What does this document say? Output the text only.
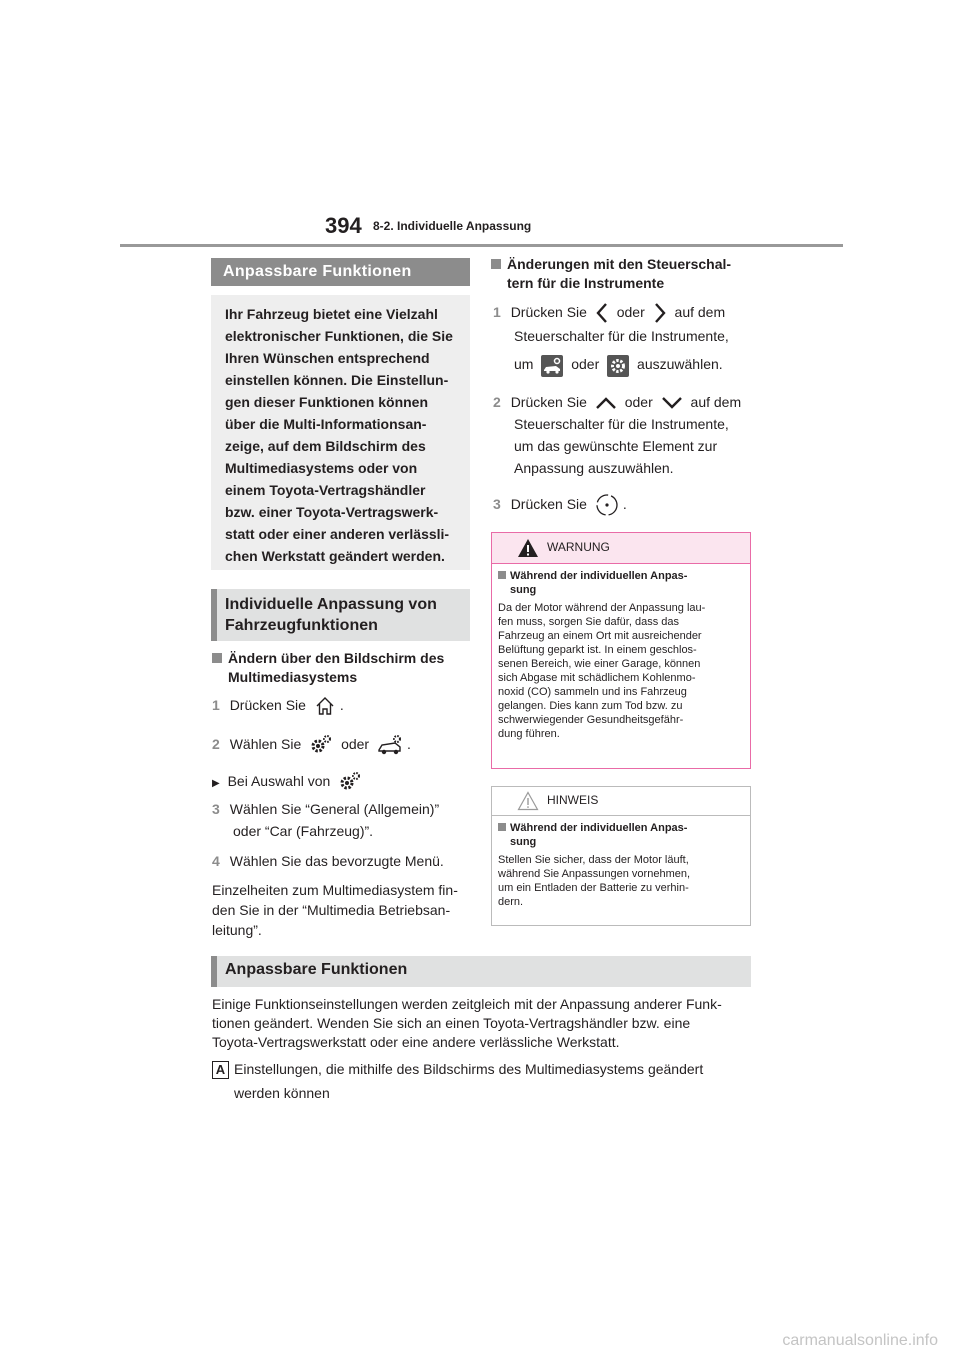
394 8-2. Individuelle Anpassung
Anpassbare Funktionen
Ihr Fahrzeug bietet eine Vielzahl
elektronischer Funktionen, die Sie
Ihren Wünschen entsprechend
einstellen können. Die Einstellun-
gen dieser Funktionen können
über die Multi-Informationsan-
zeige, auf dem Bildschirm des
Multimediasystems oder von
einem Toyota-Vertragshändler
bzw. einer Toyota-Vertragswerk-
statt oder einer anderen verlässli-
chen Werkstatt geändert werden.
Individuelle Anpassung von
Fahrzeugfunktionen
Ändern über den Bildschirm des
Multimediasystems
1 Drücken Sie .
2 Wählen Sie	oder	.
▶ Bei Auswahl von
3 Wählen Sie “General (Allgemein)”
oder “Car (Fahrzeug)”.
4 Wählen Sie das bevorzugte Menü.
Einzelheiten zum Multimediasystem fin-
den Sie in der “Multimedia Betriebsan-
leitung”.
Änderungen mit den Steuerschal-
tern für die Instrumente
1 Drücken Sie oder auf dem
Steuerschalter für die Instrumente,
um	oder	auszuwählen.
2 Drücken Sie	oder	auf dem
Steuerschalter für die Instrumente,
um das gewünschte Element zur
Anpassung auszuwählen.
3 Drücken Sie	.
WARNUNG
Während der individuellen Anpas-
sung
Da der Motor während der Anpassung lau-
fen muss, sorgen Sie dafür, dass das
Fahrzeug an einem Ort mit ausreichender
Belüftung geparkt ist. In einem geschlos-
senen Bereich, wie einer Garage, können
sich Abgase mit schädlichem Kohlenmo-
noxid (CO) sammeln und ins Fahrzeug
gelangen. Dies kann zum Tod bzw. zu
schwerwiegender Gesundheitsgefähr-
dung führen.
HINWEIS
Während der individuellen Anpas-
sung
Stellen Sie sicher, dass der Motor läuft,
während Sie Anpassungen vornehmen,
um ein Entladen der Batterie zu verhin-
dern.
Anpassbare Funktionen
Einige Funktionseinstellungen werden zeitgleich mit der Anpassung anderer Funk-
tionen geändert. Wenden Sie sich an einen Toyota-Vertragshändler bzw. eine
Toyota-Vertragswerkstatt oder eine andere verlässliche Werkstatt.
A Einstellungen, die mithilfe des Bildschirms des Multimediasystems geändert
werden können
carmanualsonline.info
